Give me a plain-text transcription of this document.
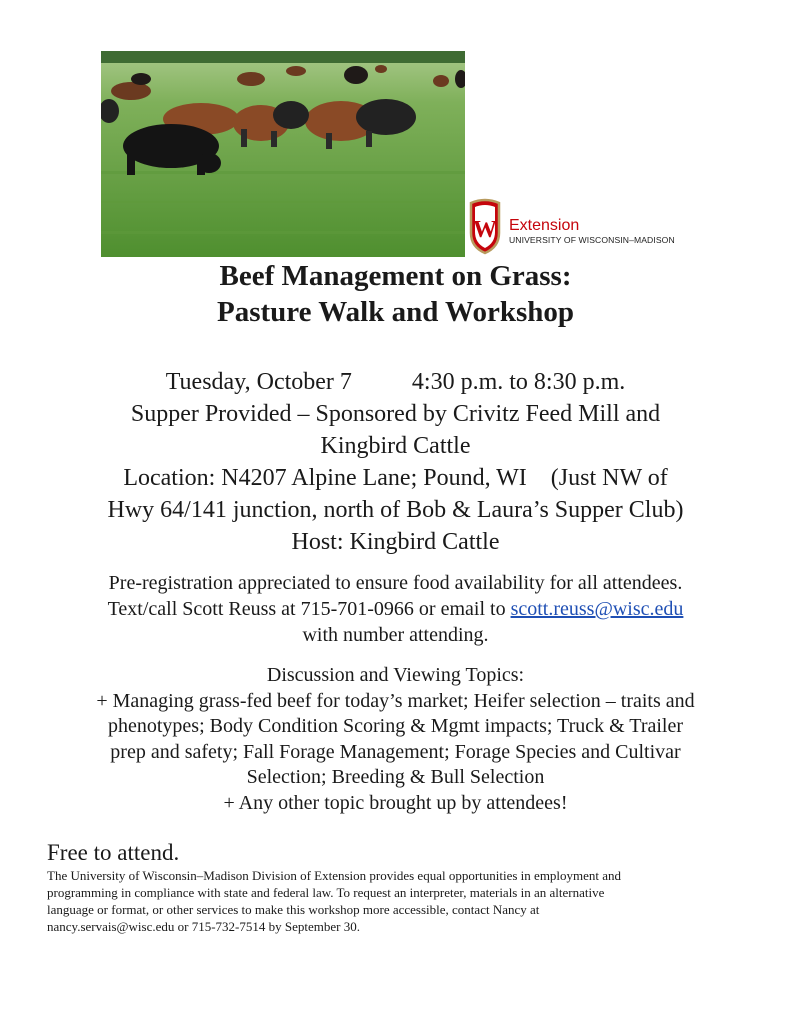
W Extension
UNIVERSITY OF WISCONSIN–MADISON
Beef Management on Grass:
Pasture Walk and Workshop
Tuesday, October 7	4:30 p.m. to 8:30 p.m.
Supper Provided – Sponsored by Crivitz Feed Mill and
Kingbird Cattle
Location: N4207 Alpine Lane; Pound, WI    (Just NW of
Hwy 64/141 junction, north of Bob & Laura’s Supper Club)
Host: Kingbird Cattle
Pre-registration appreciated to ensure food availability for all attendees.
Text/call Scott Reuss at 715-701-0966 or email to scott.reuss@wisc.edu
with number attending.
Discussion and Viewing Topics:
+ Managing grass-fed beef for today’s market; Heifer selection – traits and
phenotypes; Body Condition Scoring & Mgmt impacts; Truck & Trailer
prep and safety; Fall Forage Management; Forage Species and Cultivar
Selection; Breeding & Bull Selection
+ Any other topic brought up by attendees!
Free to attend.
The University of Wisconsin–Madison Division of Extension provides equal opportunities in employment and
programming in compliance with state and federal law. To request an interpreter, materials in an alternative
language or format, or other services to make this workshop more accessible, contact Nancy at
nancy.servais@wisc.edu or 715-732-7514 by September 30.
